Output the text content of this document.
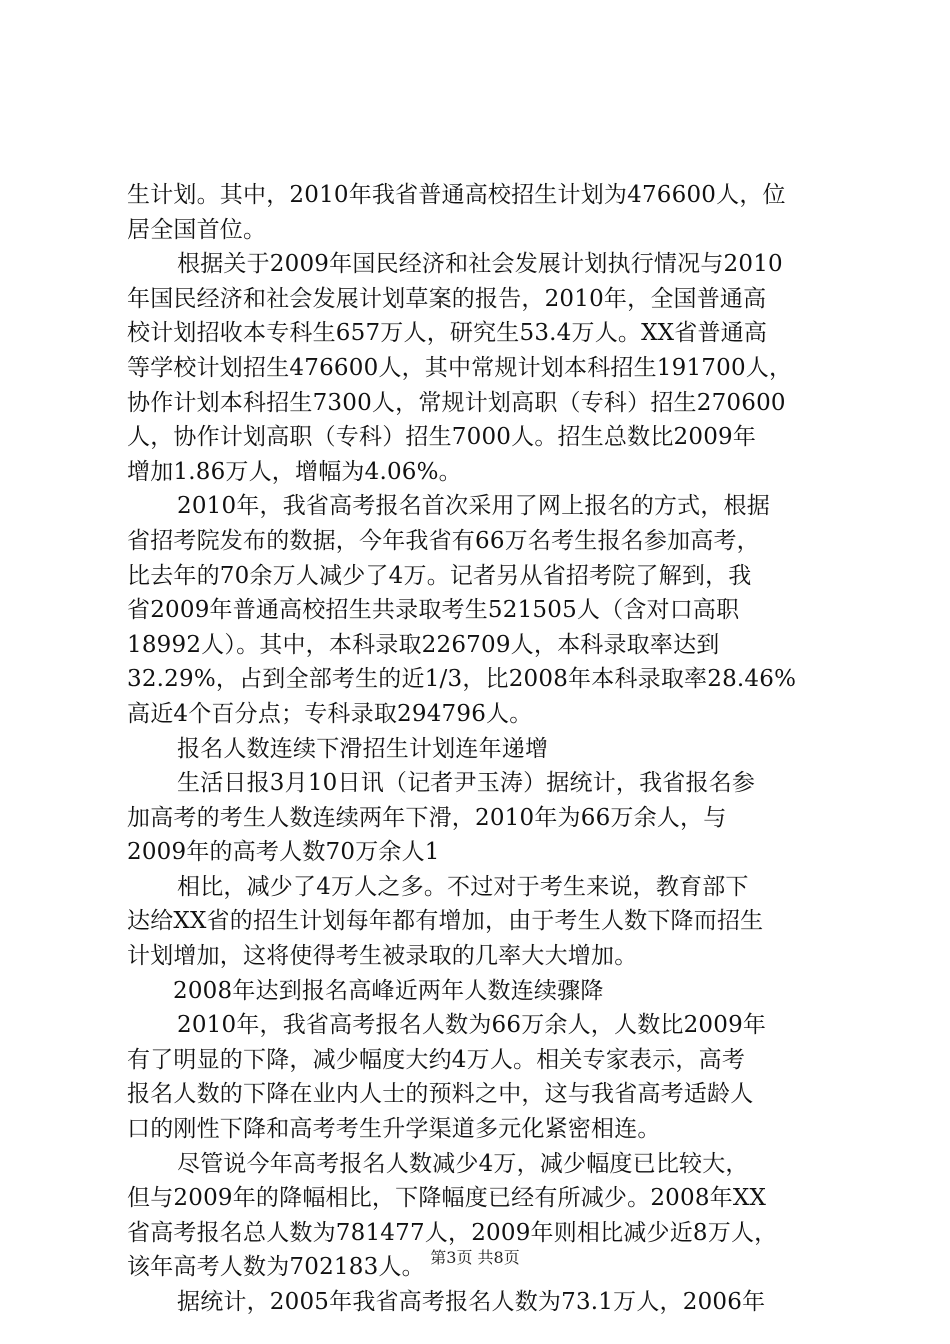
生计划。其中，2010年我省普通高校招生计划为476600人，位
居全国首位。
根据关于2009年国民经济和社会发展计划执行情况与2010
年国民经济和社会发展计划草案的报告，2010年，全国普通高
校计划招收本专科生657万人，研究生53.4万人。XX省普通高
等学校计划招生476600人，其中常规计划本科招生191700人，
协作计划本科招生7300人，常规计划高职（专科）招生270600
人，协作计划高职（专科）招生7000人。招生总数比2009年
增加1.86万人，增幅为4.06%。
2010年，我省高考报名首次采用了网上报名的方式，根据
省招考院发布的数据，今年我省有66万名考生报名参加高考，
比去年的70余万人减少了4万。记者另从省招考院了解到，我
省2009年普通高校招生共录取考生521505人（含对口高职
18992人）。其中，本科录取226709人，本科录取率达到
32.29%，占到全部考生的近1/3，比2008年本科录取率28.46%
高近4个百分点；专科录取294796人。
报名人数连续下滑招生计划连年递增
生活日报3月10日讯（记者尹玉涛）据统计，我省报名参
加高考的考生人数连续两年下滑，2010年为66万余人，与
2009年的高考人数70万余人1
相比，减少了4万人之多。不过对于考生来说，教育部下
达给XX省的招生计划每年都有增加，由于考生人数下降而招生
计划增加，这将使得考生被录取的几率大大增加。
2008年达到报名高峰近两年人数连续骤降
2010年，我省高考报名人数为66万余人，人数比2009年
有了明显的下降，减少幅度大约4万人。相关专家表示，高考
报名人数的下降在业内人士的预料之中，这与我省高考适龄人
口的刚性下降和高考考生升学渠道多元化紧密相连。
尽管说今年高考报名人数减少4万，减少幅度已比较大，
但与2009年的降幅相比，下降幅度已经有所减少。2008年XX
省高考报名总人数为781477人，2009年则相比减少近8万人，
该年高考人数为702183人。
据统计，2005年我省高考报名人数为73.1万人，2006年
第3页 共8页
